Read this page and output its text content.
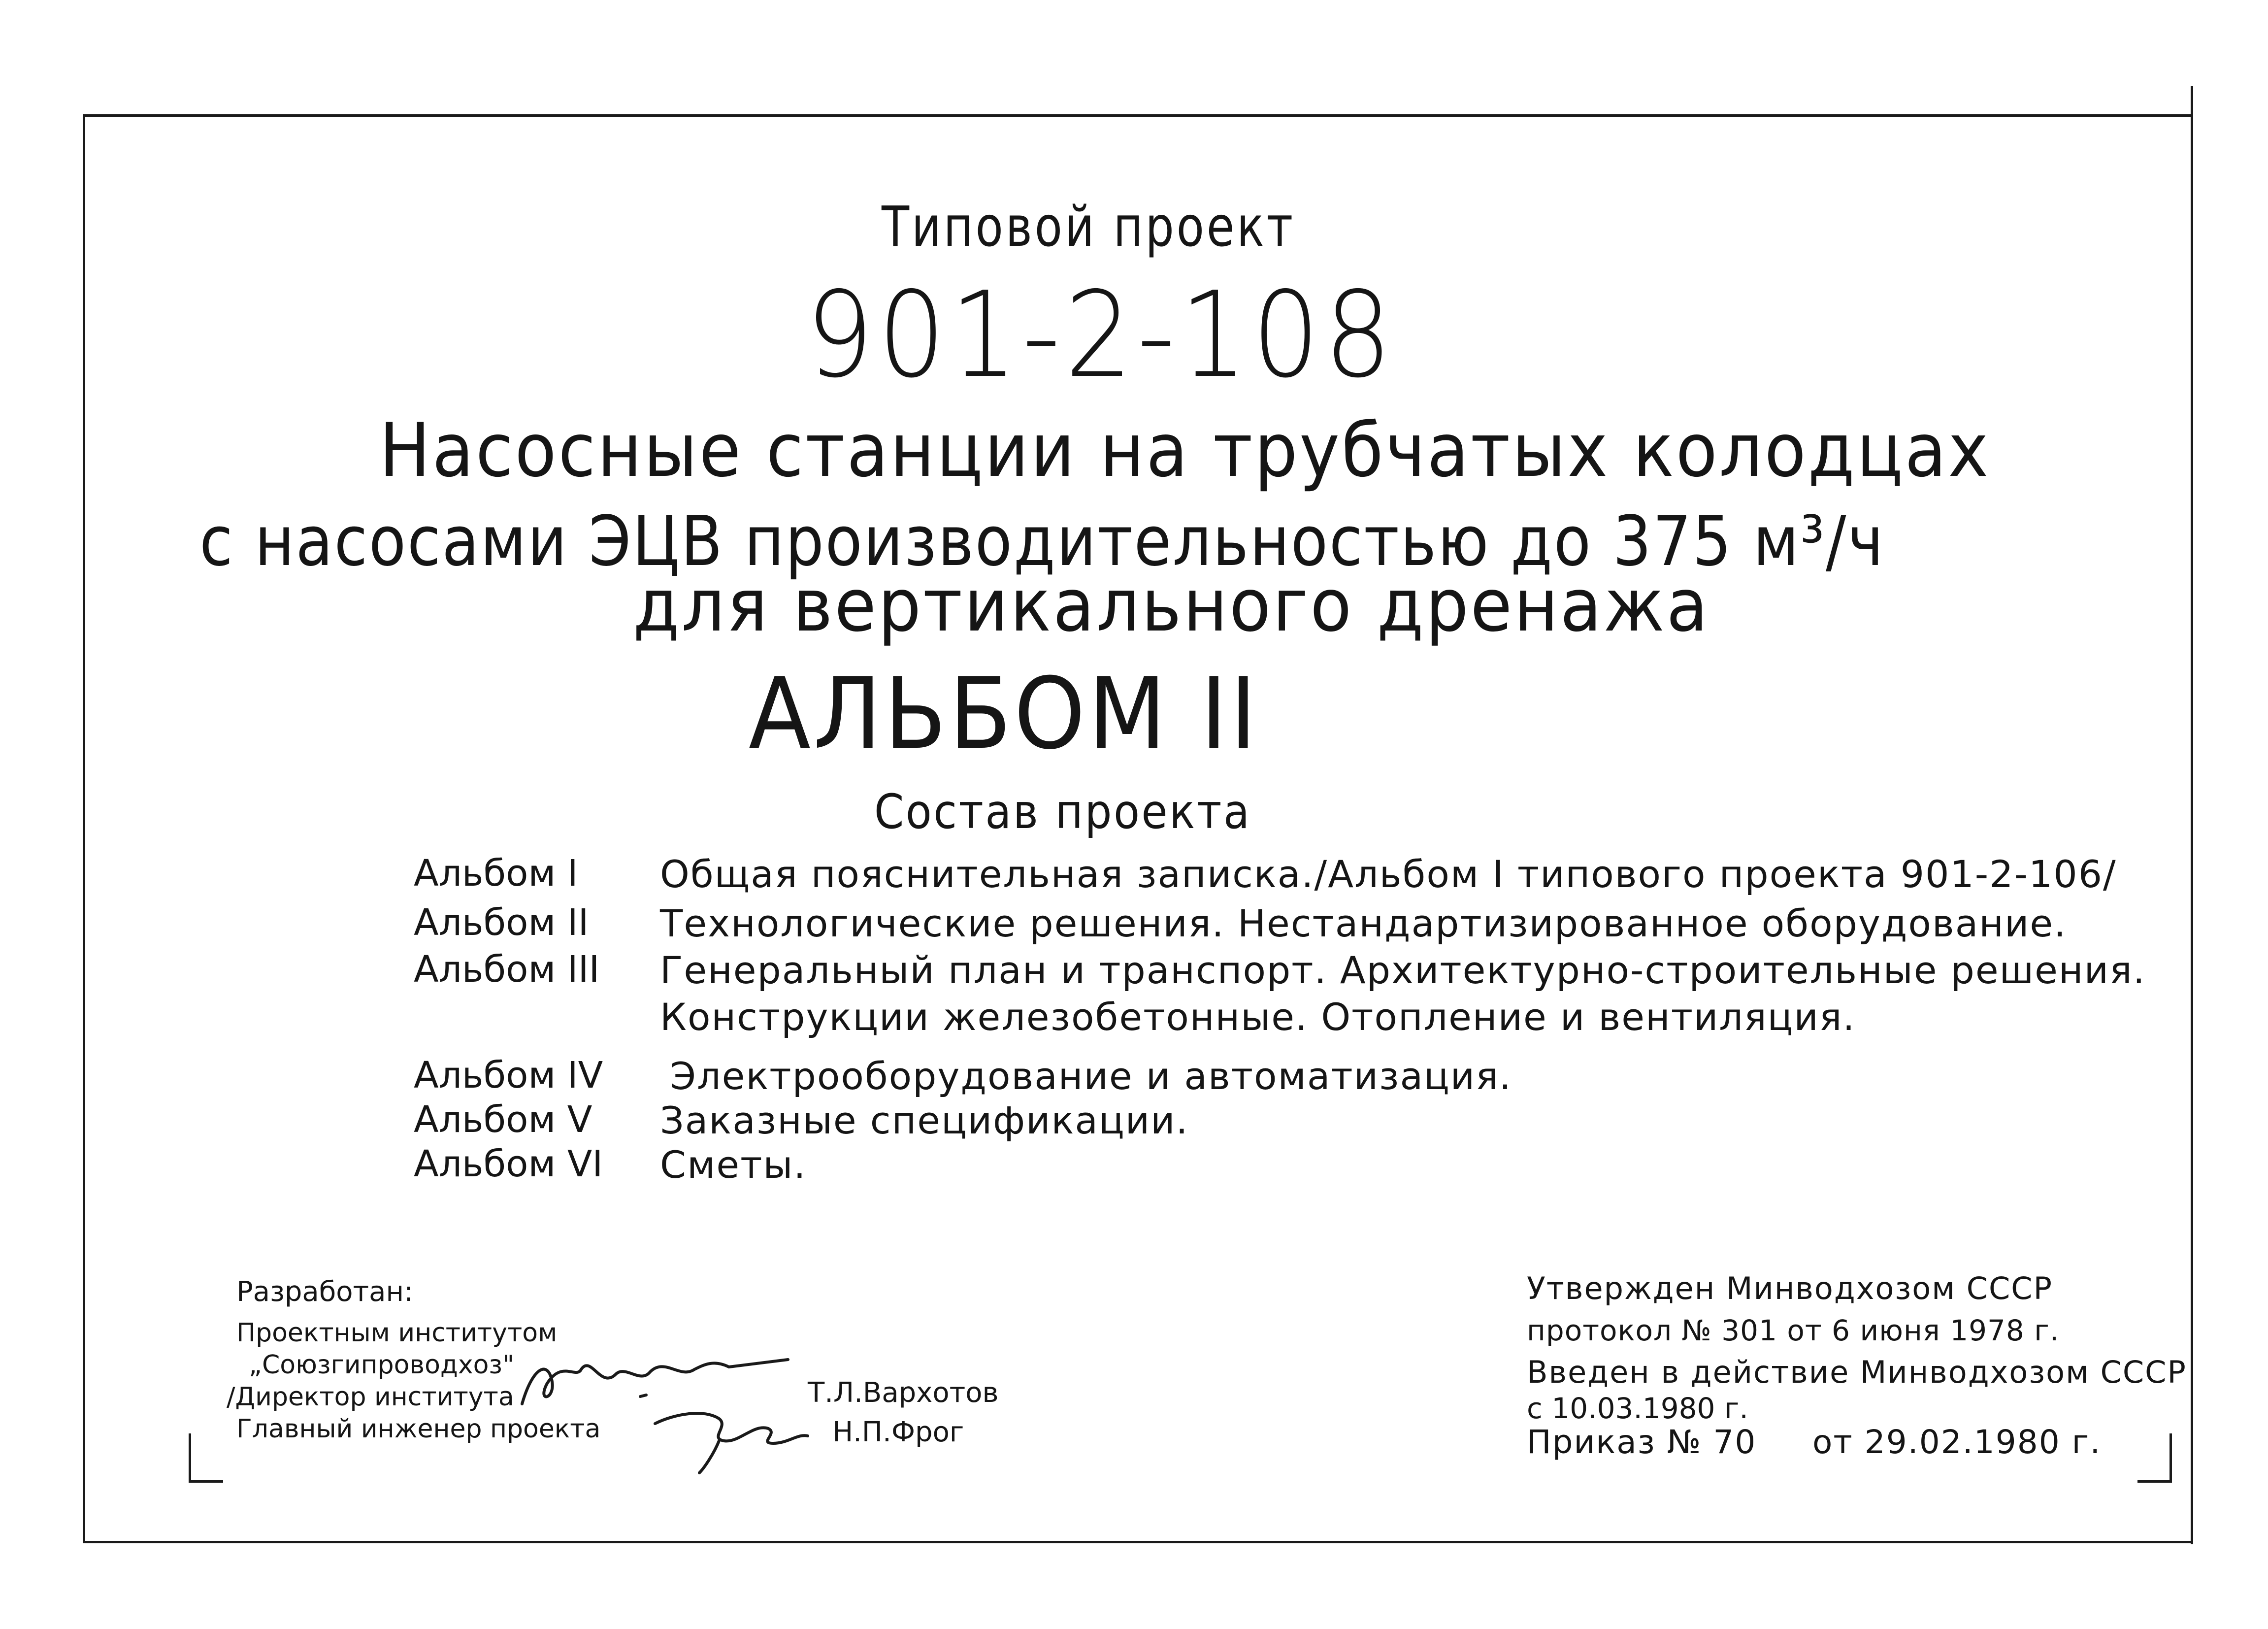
Типовой проект
901-2-108
Насосные станции на трубчатых колодцах
с насосами ЭЦВ производительностью до 375 м³/ч
для вертикального дренажа
АЛЬБОМ II
Состав проекта
Альбом I Общая пояснительная записка./Альбом I типового проекта 901-2-106/
Альбом II Технологические решения. Нестандартизированное оборудование.
Альбом III Генеральный план и транспорт. Архитектурно-строительные решения.
Конструкции железобетонные. Отопление и вентиляция.
Альбом IV Электрооборудование и автоматизация.
Альбом V Заказные спецификации.
Альбом VI Сметы.
Разработан:
Проектным институтом
„Союзгипроводхоз"
/Директор института
Главный инженер проекта
Т.Л.Вархотов
Н.П.Фрог
Утвержден Минводхозом СССР
протокол № 301 от 6 июня 1978 г.
Введен в действие Минводхозом СССР
с 10.03.1980 г.
Приказ № 70 от 29.02.1980 г.
